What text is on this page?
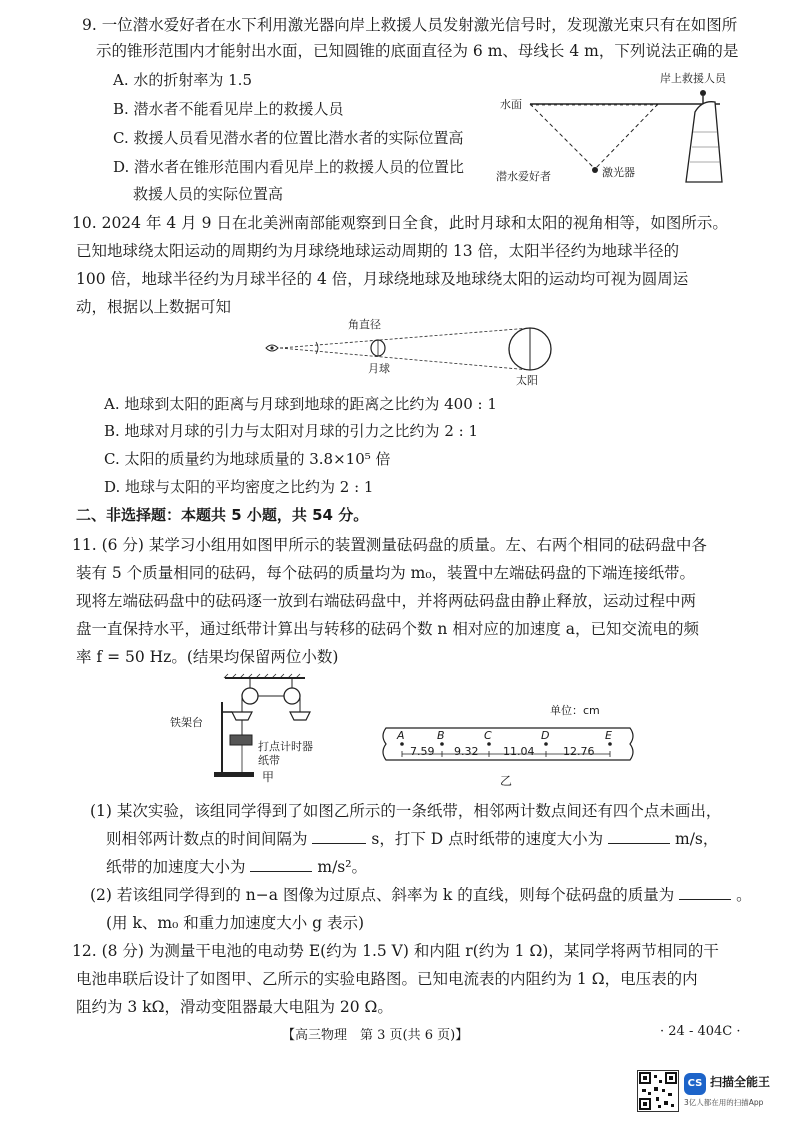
9. 一位潜水爱好者在水下利用激光器向岸上救援人员发射激光信号时，发现激光束只有在如图所
示的锥形范围内才能射出水面，已知圆锥的底面直径为 6 m、母线长 4 m，下列说法正确的是
A. 水的折射率为 1.5
B. 潜水者不能看见岸上的救援人员
C. 救援人员看见潜水者的位置比潜水者的实际位置高
D. 潜水者在锥形范围内看见岸上的救援人员的位置比
救援人员的实际位置高
岸上救援人员
水面
潜水爱好者	激光器
10. 2024 年 4 月 9 日在北美洲南部能观察到日全食，此时月球和太阳的视角相等，如图所示。
已知地球绕太阳运动的周期约为月球绕地球运动周期的 13 倍，太阳半径约为地球半径的
100 倍，地球半径约为月球半径的 4 倍，月球绕地球及地球绕太阳的运动均可视为圆周运
动，根据以上数据可知
角直径
月球
太阳
A. 地球到太阳的距离与月球到地球的距离之比约为 400 : 1
B. 地球对月球的引力与太阳对月球的引力之比约为 2 : 1
C. 太阳的质量约为地球质量的 3.8×10⁵ 倍
D. 地球与太阳的平均密度之比约为 2 : 1
二、非选择题：本题共 5 小题，共 54 分。
11. (6 分) 某学习小组用如图甲所示的装置测量砝码盘的质量。左、右两个相同的砝码盘中各
装有 5 个质量相同的砝码，每个砝码的质量均为 m₀，装置中左端砝码盘的下端连接纸带。
现将左端砝码盘中的砝码逐一放到右端砝码盘中，并将两砝码盘由静止释放，运动过程中两
盘一直保持水平，通过纸带计算出与转移的砝码个数 n 相对应的加速度 a，已知交流电的频
率 f = 50 Hz。(结果均保留两位小数)
铁架台
打点计时器
纸带
甲
单位：cm
A	B	C	D	E
7.59 9.32 11.04	12.76
乙
(1) 某次实验，该组同学得到了如图乙所示的一条纸带，相邻两计数点间还有四个点未画出，
则相邻两计数点的时间间隔为	s，打下 D 点时纸带的速度大小为	m/s，
纸带的加速度大小为	m/s²。
(2) 若该组同学得到的 n−a 图像为过原点、斜率为 k 的直线，则每个砝码盘的质量为	。
(用 k、m₀ 和重力加速度大小 g 表示)
12. (8 分) 为测量干电池的电动势 E(约为 1.5 V) 和内阻 r(约为 1 Ω)，某同学将两节相同的干
电池串联后设计了如图甲、乙所示的实验电路图。已知电流表的内阻约为 1 Ω，电压表的内
阻约为 3 kΩ，滑动变阻器最大电阻为 20 Ω。
【高三物理　第 3 页(共 6 页)】	· 24 - 404C ·
CS 扫描全能王
3亿人都在用的扫描App
